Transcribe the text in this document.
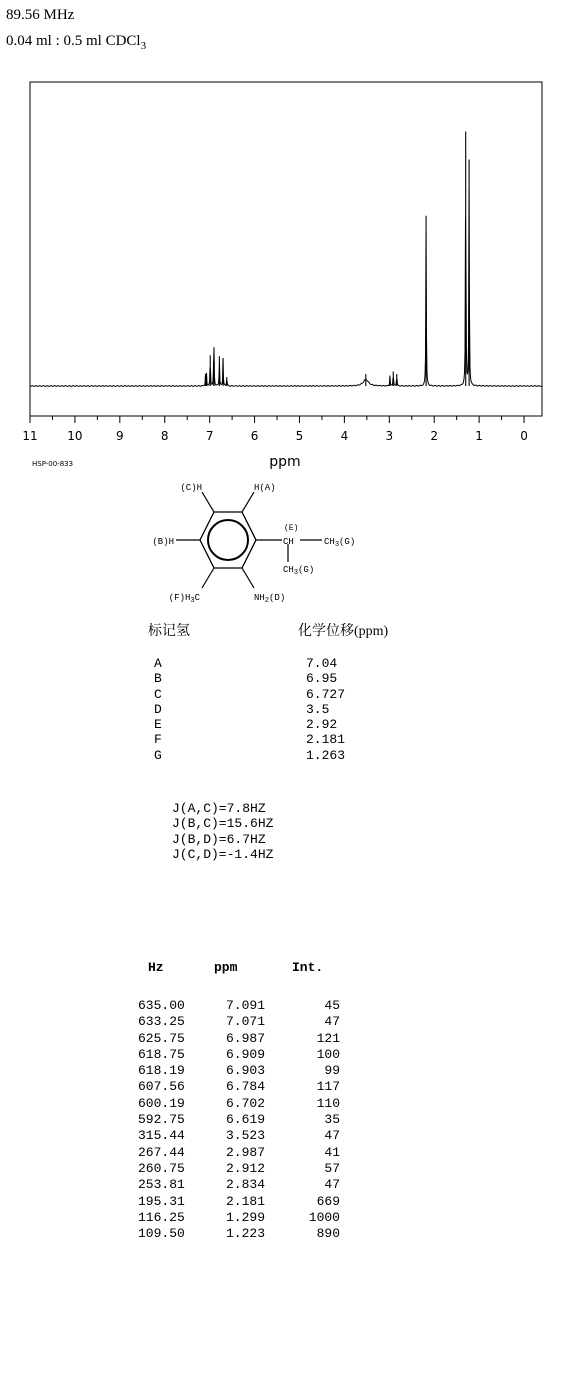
89.56 MHz
0.04 ml : 0.5 ml CDCl$_3$
11 10	9	8	7	6	5	4	3	2	1	0
ppm
HSP-00-833
(C)H	H(A)
(B)H
(E)
CH	$CH_3(G)$
$CH_3(G)$
$(F)H_3C$	$NH_2(D)$
标记氢	化学位移(ppm)
A	7.04
B	6.95
C	6.727
D	3.5
E	2.92
F	2.181
G	1.263
J(A,C)=7.8HZ
J(B,C)=15.6HZ
J(B,D)=6.7HZ
J(C,D)=-1.4HZ
Hz	ppm	Int.
635.00	7.091	45
633.25	7.071	47
625.75	6.987	121
618.75	6.909	100
618.19	6.903	99
607.56	6.784	117
600.19	6.702	110
592.75	6.619	35
315.44	3.523	47
267.44	2.987	41
260.75	2.912	57
253.81	2.834	47
195.31	2.181	669
116.25	1.299	1000
109.50	1.223	890
